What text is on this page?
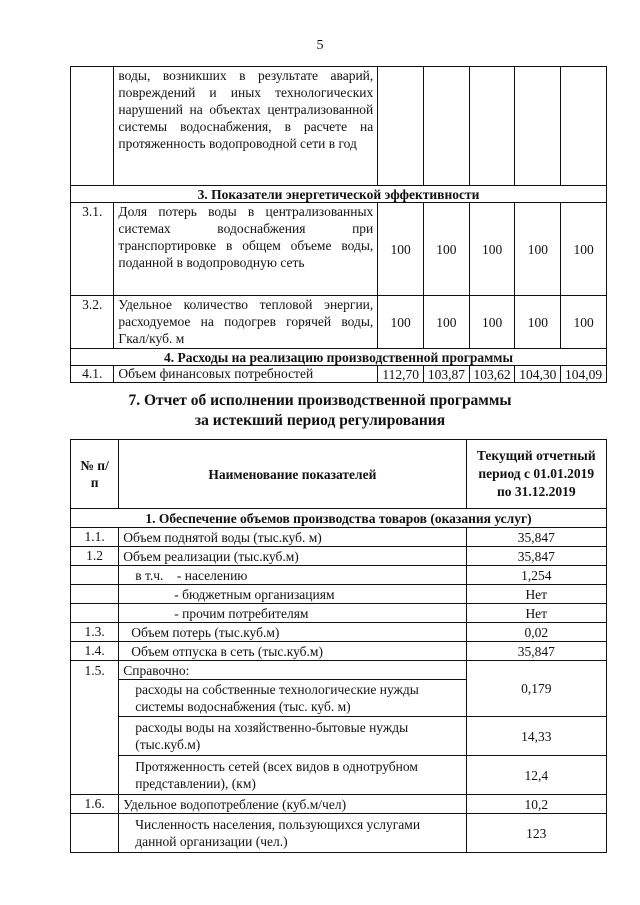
5
	воды, возникших в результате аварий, повреждений и иных технологических нарушений на объектах централизованной системы водоснабжения, в расчете на протяженность водопроводной сети в год					
3. Показатели энергетической эффективности						
3.1.	Доля потерь воды в централизованных системах водоснабжения при транспортировке в общем объеме воды, поданной в водопроводную сеть	100	100	100	100	100
3.2.	Удельное количество тепловой энергии, расходуемое на подогрев горячей воды, Гкал/куб. м	100	100	100	100	100
4. Расходы на реализацию производственной программы						
4.1.	Объем финансовых потребностей	112,70	103,87	103,62	104,30	104,09
7. Отчет об исполнении производственной программы
за истекший период регулирования
№ п/п	Наименование показателей	Текущий отчетный период с 01.01.2019 по 31.12.2019
1. Обеспечение объемов производства товаров (оказания услуг)		
1.1.	Объем поднятой воды (тыс.куб. м)	35,847
1.2	Объем реализации (тыс.куб.м)	35,847
	в т.ч.    - населению	1,254
	- бюджетным организациям	Нет
	- прочим потребителям	Нет
1.3.	Объем потерь (тыс.куб.м)	0,02
1.4.	Объем отпуска в сеть (тыс.куб.м)	35,847
1.5.	Справочно:	0,179
	расходы на собственные технологические нужды системы водоснабжения (тыс. куб. м)	
	расходы воды на хозяйственно-бытовые нужды (тыс.куб.м)	14,33
	Протяженность сетей (всех видов в однотрубном представлении), (км)	12,4
1.6.	Удельное водопотребление (куб.м/чел)	10,2
	Численность населения, пользующихся услугами данной организации (чел.)	123
